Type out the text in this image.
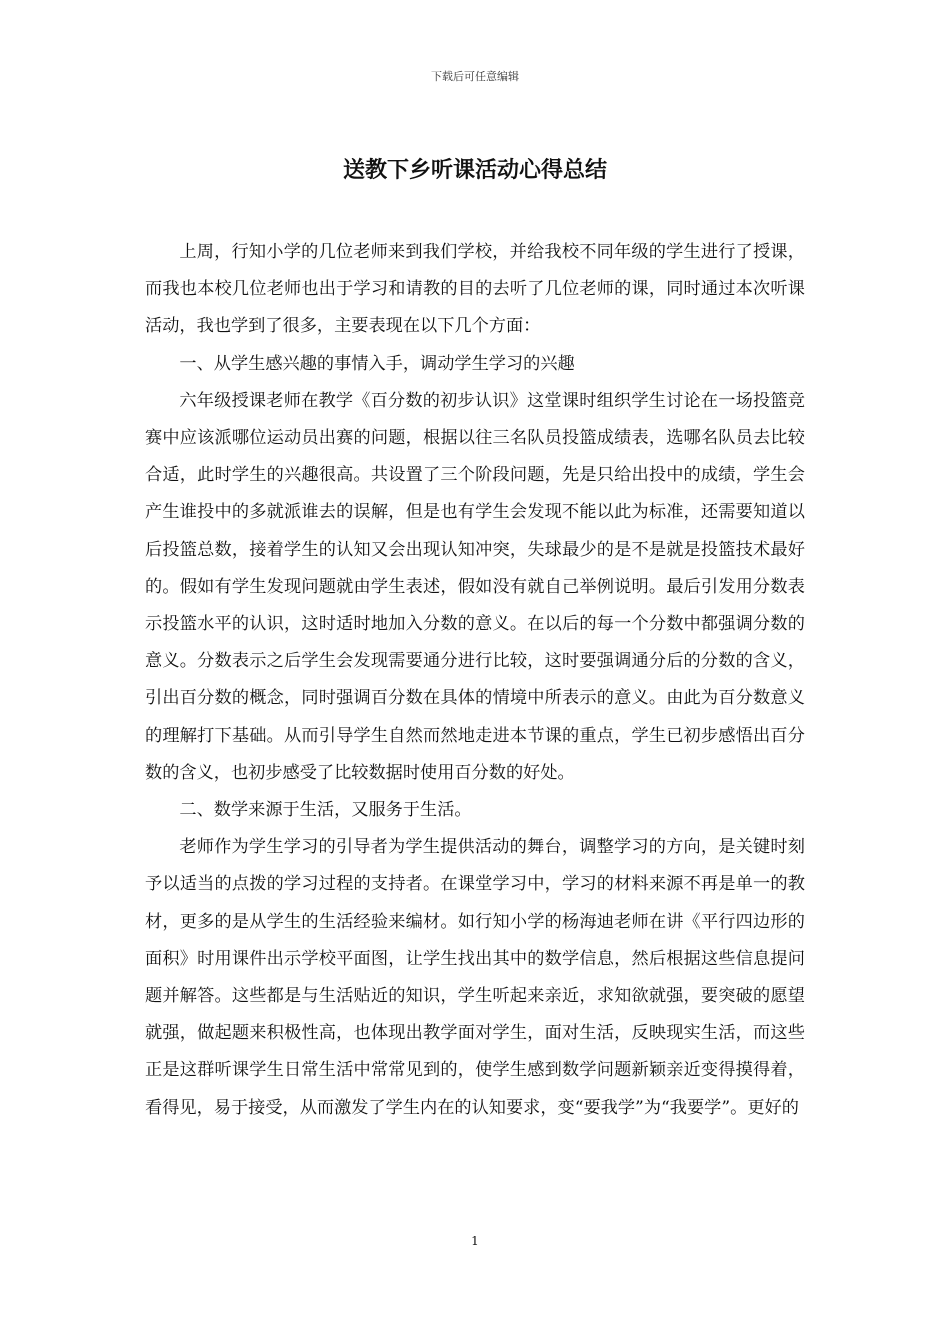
下载后可任意编辑
送教下乡听课活动心得总结

上周，行知小学的几位老师来到我们学校，并给我校不同年级的学生进行了授课，而我也本校几位老师也出于学习和请教的目的去听了几位老师的课，同时通过本次听课活动，我也学到了很多，主要表现在以下几个方面：

一、从学生感兴趣的事情入手，调动学生学习的兴趣

六年级授课老师在教学《百分数的初步认识》这堂课时组织学生讨论在一场投篮竞赛中应该派哪位运动员出赛的问题，根据以往三名队员投篮成绩表，选哪名队员去比较合适，此时学生的兴趣很高。共设置了三个阶段问题，先是只给出投中的成绩，学生会产生谁投中的多就派谁去的误解，但是也有学生会发现不能以此为标准，还需要知道以后投篮总数，接着学生的认知又会出现认知冲突，失球最少的是不是就是投篮技术最好的。假如有学生发现问题就由学生表述，假如没有就自己举例说明。最后引发用分数表示投篮水平的认识，这时适时地加入分数的意义。在以后的每一个分数中都强调分数的意义。分数表示之后学生会发现需要通分进行比较，这时要强调通分后的分数的含义，引出百分数的概念，同时强调百分数在具体的情境中所表示的意义。由此为百分数意义的理解打下基础。从而引导学生自然而然地走进本节课的重点，学生已初步感悟出百分数的含义，也初步感受了比较数据时使用百分数的好处。

二、数学来源于生活，又服务于生活。

老师作为学生学习的引导者为学生提供活动的舞台，调整学习的方向，是关键时刻予以适当的点拨的学习过程的支持者。在课堂学习中，学习的材料来源不再是单一的教材，更多的是从学生的生活经验来编材。如行知小学的杨海迪老师在讲《平行四边形的面积》时用课件出示学校平面图，让学生找出其中的数学信息，然后根据这些信息提问题并解答。这些都是与生活贴近的知识，学生听起来亲近，求知欲就强，要突破的愿望就强，做起题来积极性高，也体现出教学面对学生，面对生活，反映现实生活，而这些正是这群听课学生日常生活中常常见到的，使学生感到数学问题新颖亲近变得摸得着，看得见，易于接受，从而激发了学生内在的认知要求，变“要我学”为“我要学”。更好的

1
